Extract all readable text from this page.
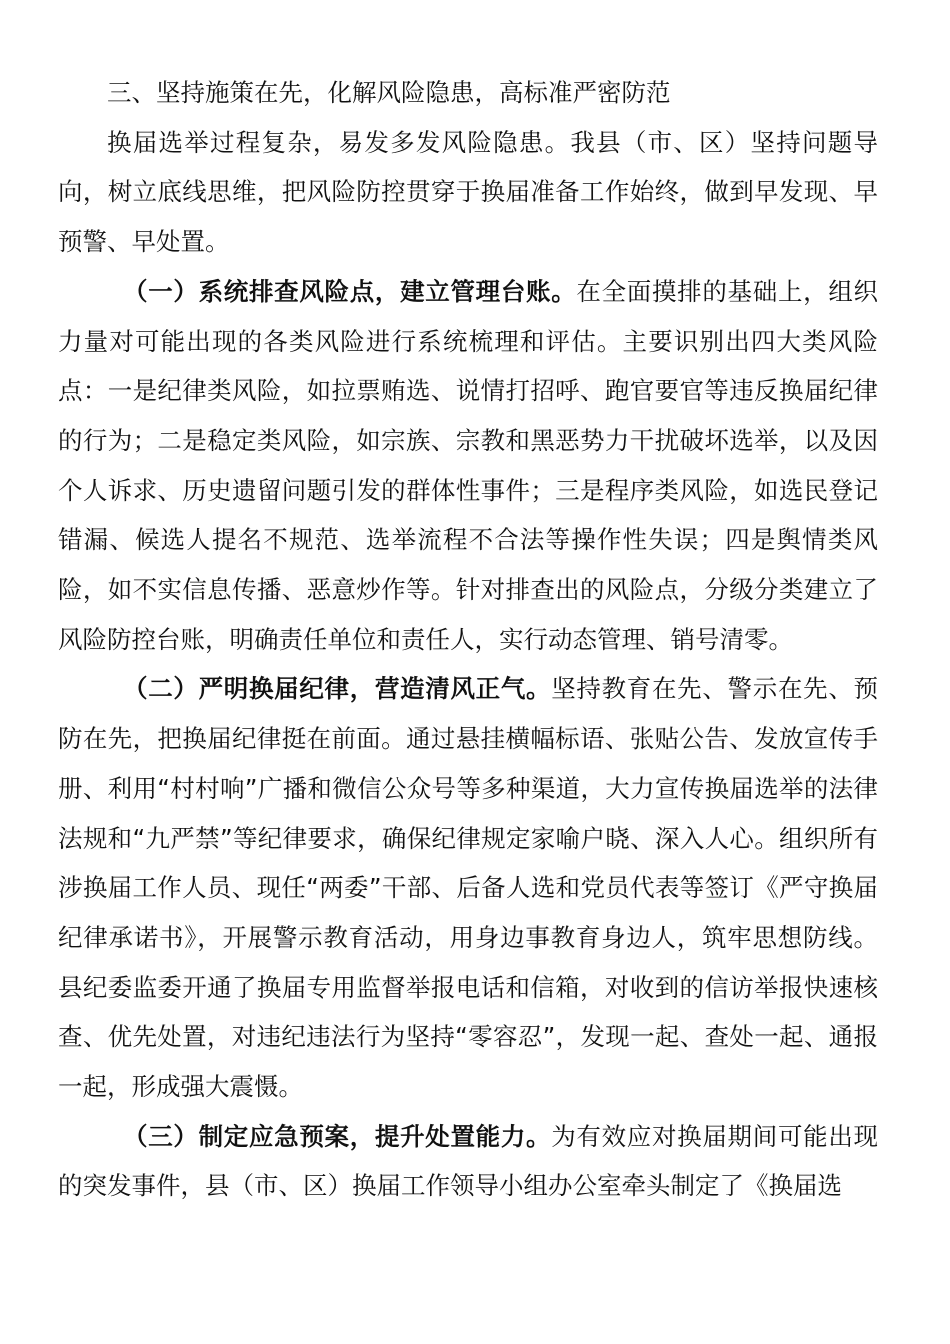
三、坚持施策在先，化解风险隐患，高标准严密防范

换届选举过程复杂，易发多发风险隐患。我县（市、区）坚持问题导向，树立底线思维，把风险防控贯穿于换届准备工作始终，做到早发现、早预警、早处置。

（一）系统排查风险点，建立管理台账。在全面摸排的基础上，组织力量对可能出现的各类风险进行系统梳理和评估。主要识别出四大类风险点：一是纪律类风险，如拉票贿选、说情打招呼、跑官要官等违反换届纪律的行为；二是稳定类风险，如宗族、宗教和黑恶势力干扰破坏选举，以及因个人诉求、历史遗留问题引发的群体性事件；三是程序类风险，如选民登记错漏、候选人提名不规范、选举流程不合法等操作性失误；四是舆情类风险，如不实信息传播、恶意炒作等。针对排查出的风险点，分级分类建立了风险防控台账，明确责任单位和责任人，实行动态管理、销号清零。

（二）严明换届纪律，营造清风正气。坚持教育在先、警示在先、预防在先，把换届纪律挺在前面。通过悬挂横幅标语、张贴公告、发放宣传手册、利用“村村响”广播和微信公众号等多种渠道，大力宣传换届选举的法律法规和“九严禁”等纪律要求，确保纪律规定家喻户晓、深入人心。组织所有涉换届工作人员、现任“两委”干部、后备人选和党员代表等签订《严守换届纪律承诺书》，开展警示教育活动，用身边事教育身边人，筑牢思想防线。县纪委监委开通了换届专用监督举报电话和信箱，对收到的信访举报快速核查、优先处置，对违纪违法行为坚持“零容忍”，发现一起、查处一起、通报一起，形成强大震慑。

（三）制定应急预案，提升处置能力。为有效应对换届期间可能出现的突发事件，县（市、区）换届工作领导小组办公室牵头制定了《换届选
